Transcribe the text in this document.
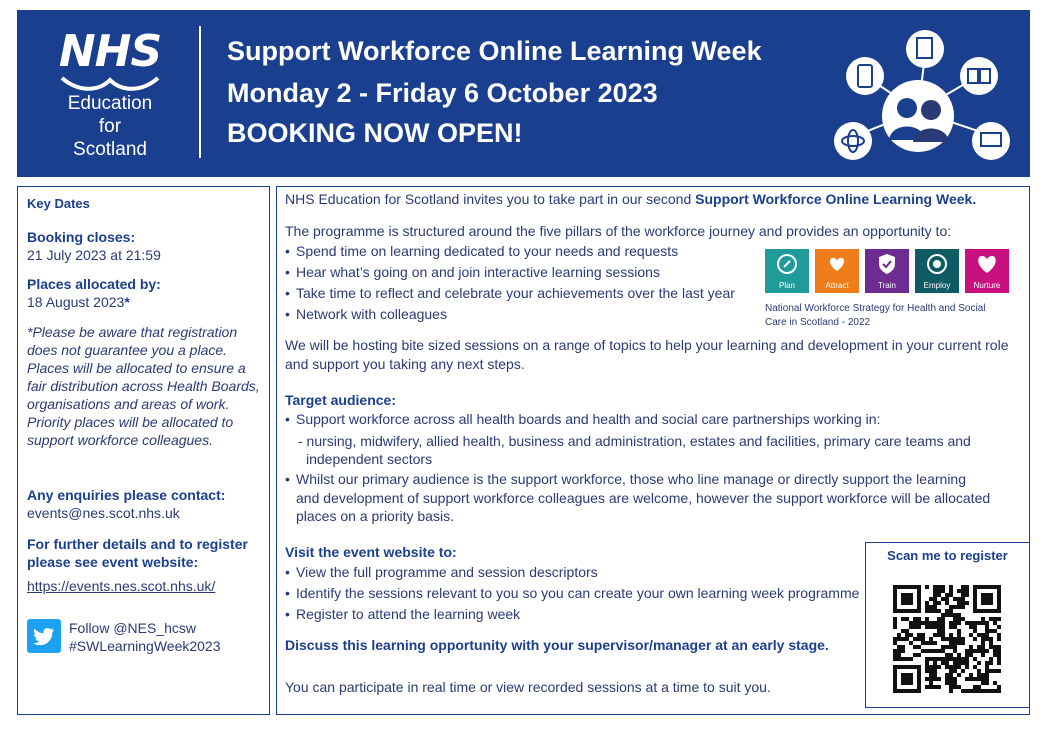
NHS
Education
for
Scotland
Support Workforce Online Learning Week
Monday 2 - Friday 6 October 2023
BOOKING NOW OPEN!
Key Dates
Booking closes:
21 July 2023 at 21:59
Places allocated by:
18 August 2023*
*Please be aware that registration does not guarantee you a place. Places will be allocated to ensure a fair distribution across Health Boards, organisations and areas of work. Priority places will be allocated to support workforce colleagues.
Any enquiries please contact:
events@nes.scot.nhs.uk
For further details and to register please see event website:
https://events.nes.scot.nhs.uk/
Follow @NES_hcsw
#SWLearningWeek2023
NHS Education for Scotland invites you to take part in our second Support Workforce Online Learning Week.
The programme is structured around the five pillars of the workforce journey and provides an opportunity to:
• Spend time on learning dedicated to your needs and requests
• Hear what’s going on and join interactive learning sessions
• Take time to reflect and celebrate your achievements over the last year
• Network with colleagues
Plan	Attract	Train	Employ	Nurture
National Workforce Strategy for Health and Social
Care in Scotland - 2022
We will be hosting bite sized sessions on a range of topics to help your learning and development in your current role
and support you taking any next steps.
Target audience:
• Support workforce across all health boards and health and social care partnerships working in:
- nursing, midwifery, allied health, business and administration, estates and facilities, primary care teams and
independent sectors
• Whilst our primary audience is the support workforce, those who line manage or directly support the learning
and development of support workforce colleagues are welcome, however the support workforce will be allocated
places on a priority basis.
Visit the event website to:
• View the full programme and session descriptors
• Identify the sessions relevant to you so you can create your own learning week programme
• Register to attend the learning week
Discuss this learning opportunity with your supervisor/manager at an early stage.
You can participate in real time or view recorded sessions at a time to suit you.
Scan me to register
